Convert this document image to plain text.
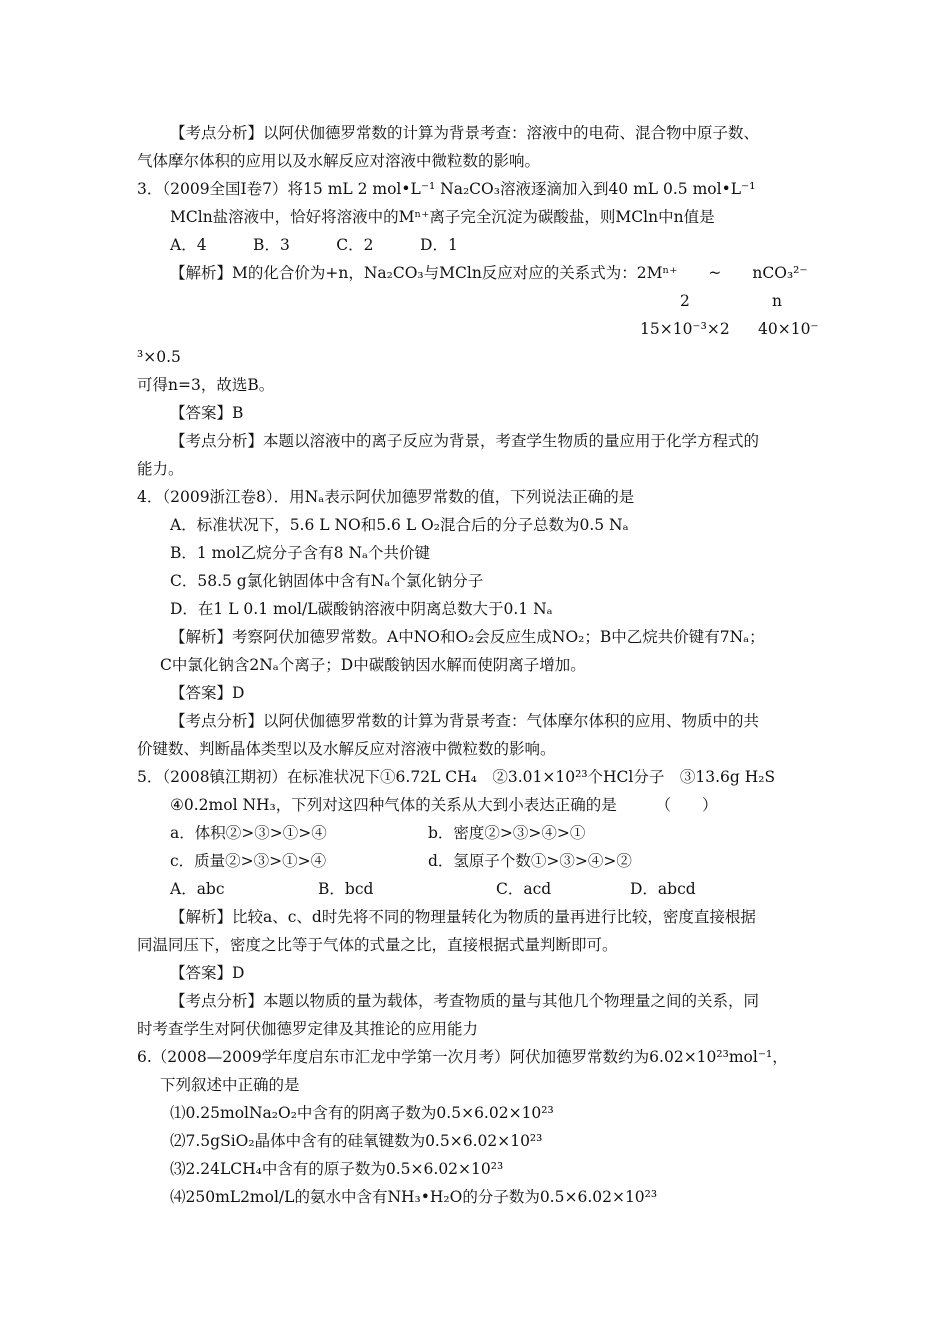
【考点分析】以阿伏伽德罗常数的计算为背景考查：溶液中的电荷、混合物中原子数、
气体摩尔体积的应用以及水解反应对溶液中微粒数的影响。
3．（2009全国Ⅰ卷7）将15 mL 2 mol•L⁻¹ Na₂CO₃溶液逐滴加入到40 mL 0.5 mol•L⁻¹
MCln盐溶液中，恰好将溶液中的Mⁿ⁺离子完全沉淀为碳酸盐，则MCln中n值是
A．4　　　B．3　　　C．2　　　D．1
【解析】M的化合价为+n，Na₂CO₃与MCln反应对应的关系式为：2Mⁿ⁺　　~　　nCO₃²⁻
2	n
15×10⁻³×2 40×10⁻
³×0.5
可得n=3，故选B。
【答案】B
【考点分析】本题以溶液中的离子反应为背景，考查学生物质的量应用于化学方程式的
能力。
4．（2009浙江卷8）．用Nₐ表示阿伏加德罗常数的值，下列说法正确的是
A．标准状况下，5.6 L NO和5.6 L O₂混合后的分子总数为0.5 Nₐ
B．1 mol乙烷分子含有8 Nₐ个共价键
C．58.5 g氯化钠固体中含有Nₐ个氯化钠分子
D．在1 L 0.1 mol/L碳酸钠溶液中阴离总数大于0.1 Nₐ
【解析】考察阿伏加德罗常数。A中NO和O₂会反应生成NO₂；B中乙烷共价键有7Nₐ；
C中氯化钠含2Nₐ个离子；D中碳酸钠因水解而使阴离子增加。
【答案】D
【考点分析】以阿伏伽德罗常数的计算为背景考查：气体摩尔体积的应用、物质中的共
价键数、判断晶体类型以及水解反应对溶液中微粒数的影响。
5．（2008镇江期初）在标准状况下①6.72L CH₄　②3.01×10²³个HCl分子　③13.6g H₂S
④0.2mol NH₃，下列对这四种气体的关系从大到小表达正确的是　　　（　　）
a．体积②>③>①>④	b．密度②>③>④>①
c．质量②>③>①>④	d．氢原子个数①>③>④>②
A．abc	B．bcd	C．acd	D．abcd
【解析】比较a、c、d时先将不同的物理量转化为物质的量再进行比较，密度直接根据
同温同压下，密度之比等于气体的式量之比，直接根据式量判断即可。
【答案】D
【考点分析】本题以物质的量为载体，考查物质的量与其他几个物理量之间的关系，同
时考查学生对阿伏伽德罗定律及其推论的应用能力
6.（2008—2009学年度启东市汇龙中学第一次月考）阿伏加德罗常数约为6.02×10²³mol⁻¹，
下列叙述中正确的是
⑴0.25molNa₂O₂中含有的阴离子数为0.5×6.02×10²³
⑵7.5gSiO₂晶体中含有的硅氧键数为0.5×6.02×10²³
⑶2.24LCH₄中含有的原子数为0.5×6.02×10²³
⑷250mL2mol/L的氨水中含有NH₃•H₂O的分子数为0.5×6.02×10²³
